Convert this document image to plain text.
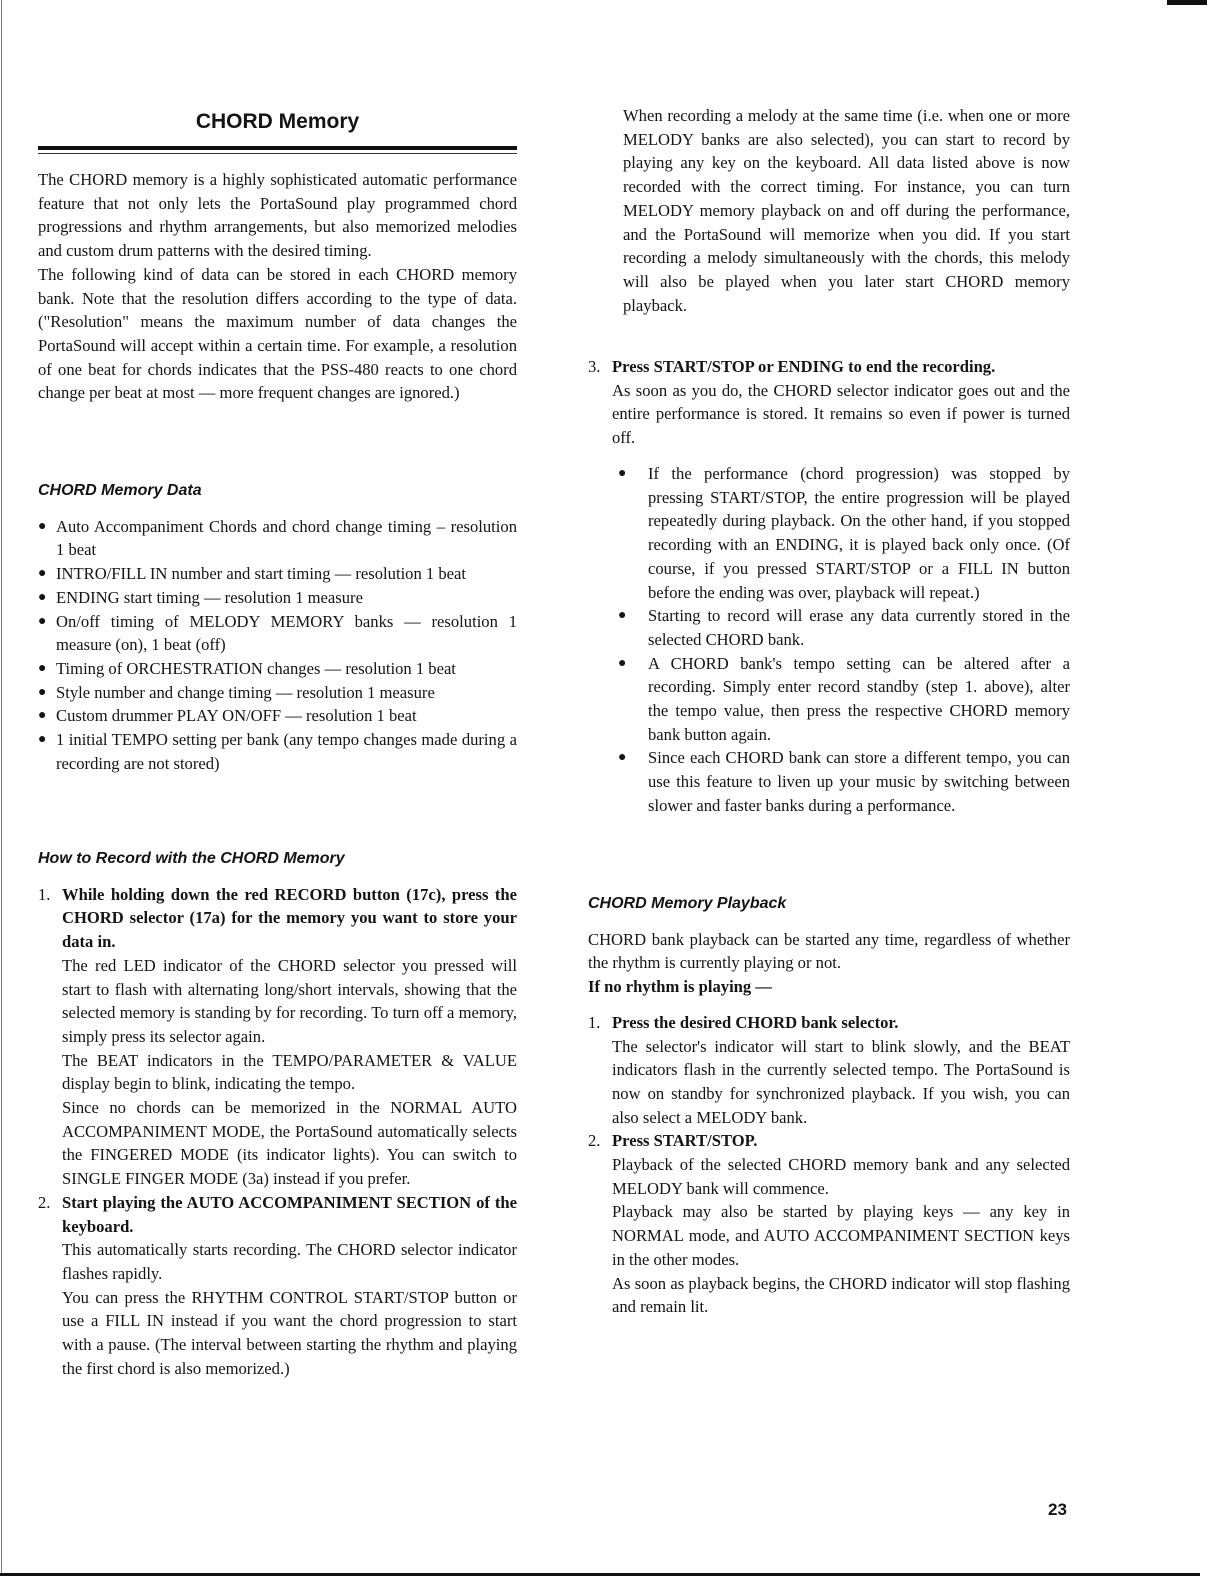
CHORD Memory

The CHORD memory is a highly sophisticated automatic performance feature that not only lets the PortaSound play programmed chord progressions and rhythm arrangements, but also memorized melodies and custom drum patterns with the desired timing.

The following kind of data can be stored in each CHORD memory bank. Note that the resolution differs according to the type of data. ("Resolution" means the maximum number of data changes the PortaSound will accept within a certain time. For example, a resolution of one beat for chords indicates that the PSS-480 reacts to one chord change per beat at most — more frequent changes are ignored.)

CHORD Memory Data
● Auto Accompaniment Chords and chord change timing – resolution 1 beat
● INTRO/FILL IN number and start timing — resolution 1 beat
● ENDING start timing — resolution 1 measure
● On/off timing of MELODY MEMORY banks — resolution 1 measure (on), 1 beat (off)
● Timing of ORCHESTRATION changes — resolution 1 beat
● Style number and change timing — resolution 1 measure
● Custom drummer PLAY ON/OFF — resolution 1 beat
● 1 initial TEMPO setting per bank (any tempo changes made during a recording are not stored)
How to Record with the CHORD Memory
1. While holding down the red RECORD button (17c), press the CHORD selector (17a) for the memory you want to store your data in.

The red LED indicator of the CHORD selector you pressed will start to flash with alternating long/short intervals, showing that the selected memory is standing by for recording. To turn off a memory, simply press its selector again.

The BEAT indicators in the TEMPO/PARAMETER & VALUE display begin to blink, indicating the tempo.

Since no chords can be memorized in the NORMAL AUTO ACCOMPANIMENT MODE, the PortaSound automatically selects the FINGERED MODE (its indicator lights). You can switch to SINGLE FINGER MODE (3a) instead if you prefer.

2. Start playing the AUTO ACCOMPANIMENT SECTION of the keyboard.

This automatically starts recording. The CHORD selector indicator flashes rapidly.

You can press the RHYTHM CONTROL START/STOP button or use a FILL IN instead if you want the chord progression to start with a pause. (The interval between starting the rhythm and playing the first chord is also memorized.)

When recording a melody at the same time (i.e. when one or more MELODY banks are also selected), you can start to record by playing any key on the keyboard. All data listed above is now recorded with the correct timing. For instance, you can turn MELODY memory playback on and off during the performance, and the PortaSound will memorize when you did. If you start recording a melody simultaneously with the chords, this melody will also be played when you later start CHORD memory playback.

3. Press START/STOP or ENDING to end the recording.

As soon as you do, the CHORD selector indicator goes out and the entire performance is stored. It remains so even if power is turned off.

● If the performance (chord progression) was stopped by pressing START/STOP, the entire progression will be played repeatedly during playback. On the other hand, if you stopped recording with an ENDING, it is played back only once. (Of course, if you pressed START/STOP or a FILL IN button before the ending was over, playback will repeat.)
● Starting to record will erase any data currently stored in the selected CHORD bank.
● A CHORD bank's tempo setting can be altered after a recording. Simply enter record standby (step 1. above), alter the tempo value, then press the respective CHORD memory bank button again.
● Since each CHORD bank can store a different tempo, you can use this feature to liven up your music by switching between slower and faster banks during a performance.
CHORD Memory Playback

CHORD bank playback can be started any time, regardless of whether the rhythm is currently playing or not.

If no rhythm is playing —

1. Press the desired CHORD bank selector.

The selector's indicator will start to blink slowly, and the BEAT indicators flash in the currently selected tempo. The PortaSound is now on standby for synchronized playback. If you wish, you can also select a MELODY bank.

2. Press START/STOP.

Playback of the selected CHORD memory bank and any selected MELODY bank will commence.

Playback may also be started by playing keys — any key in NORMAL mode, and AUTO ACCOMPANIMENT SECTION keys in the other modes.

As soon as playback begins, the CHORD indicator will stop flashing and remain lit.

23
